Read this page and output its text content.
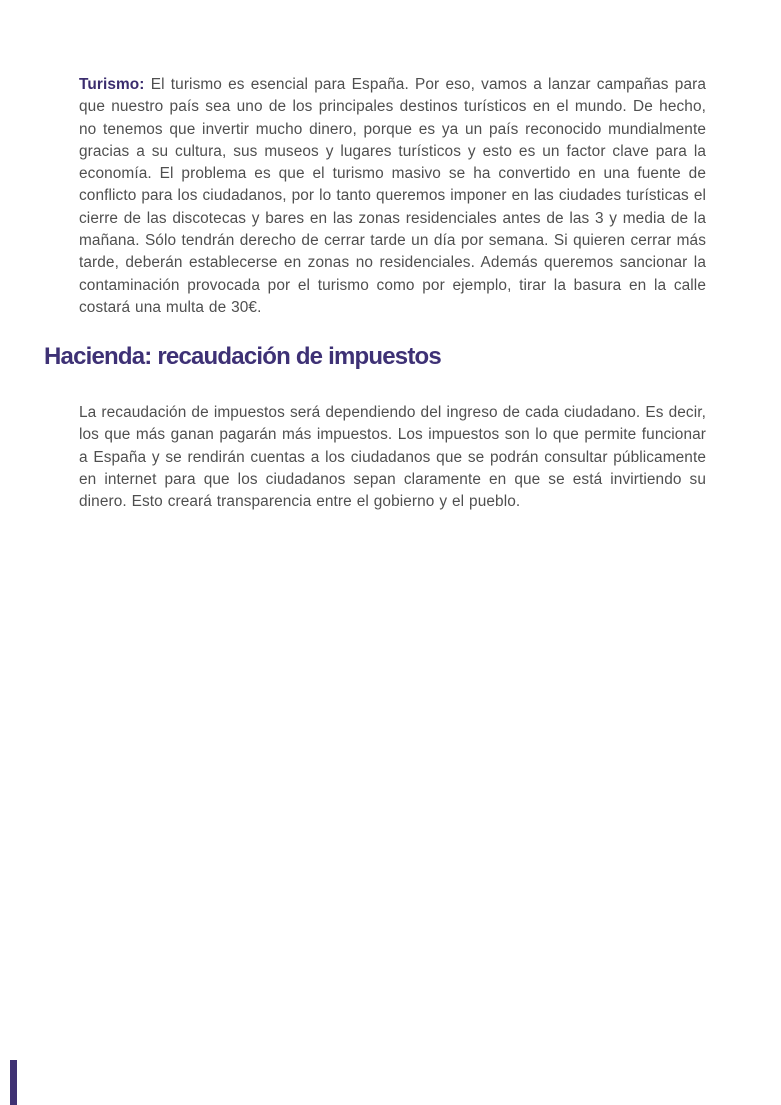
Turismo: El turismo es esencial para España. Por eso, vamos a lanzar campañas para que nuestro país sea uno de los principales destinos turísticos en el mundo. De hecho, no tenemos que invertir mucho dinero, porque es ya un país reconocido mundialmente gracias a su cultura, sus museos y lugares turísticos y esto es un factor clave para la economía. El problema es que el turismo masivo se ha convertido en una fuente de conflicto para los ciudadanos, por lo tanto queremos imponer en las ciudades turísticas el cierre de las discotecas y bares en las zonas residenciales antes de las 3 y media de la mañana. Sólo tendrán derecho de cerrar tarde un día por semana. Si quieren cerrar más tarde, deberán establecerse en zonas no residenciales. Además queremos sancionar la contaminación provocada por el turismo como por ejemplo, tirar la basura en la calle costará una multa de 30€.

Hacienda: recaudación de impuestos

La recaudación de impuestos será dependiendo del ingreso de cada ciudadano. Es decir, los que más ganan pagarán más impuestos. Los impuestos son lo que permite funcionar a España y se rendirán cuentas a los ciudadanos que se podrán consultar públicamente en internet para que los ciudadanos sepan claramente en que se está invirtiendo su dinero. Esto creará transparencia entre el gobierno y el pueblo.
